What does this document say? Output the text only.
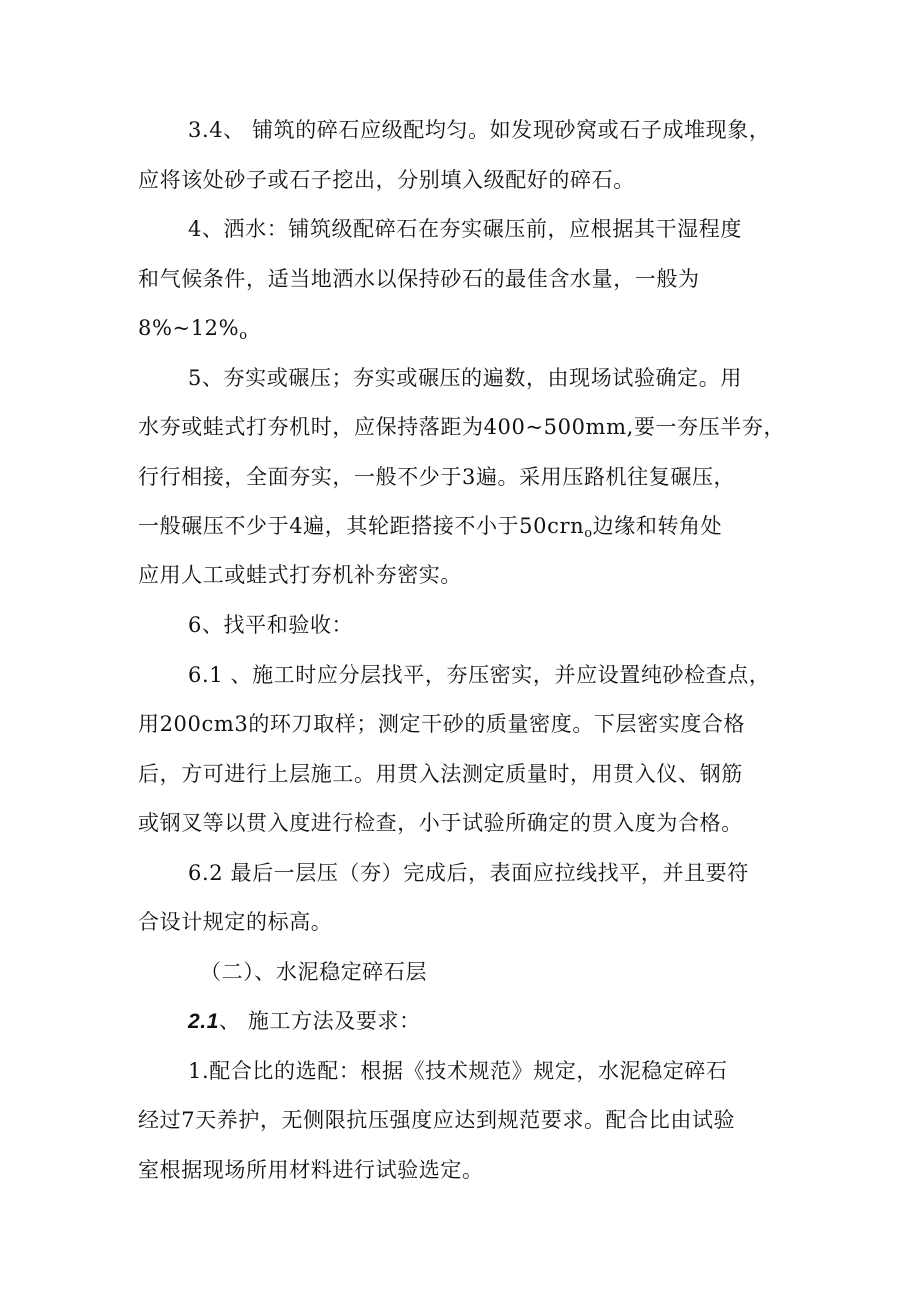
3.4、 铺筑的碎石应级配均匀。如发现砂窝或石子成堆现象，
应将该处砂子或石子挖出，分别填入级配好的碎石。
4、洒水：铺筑级配碎石在夯实碾压前，应根据其干湿程度
和气候条件，适当地洒水以保持砂石的最佳含水量，一般为
8%~12%o
5、夯实或碾压；夯实或碾压的遍数，由现场试验确定。用
水夯或蛙式打夯机时，应保持落距为400~500mm,要一夯压半夯，
行行相接，全面夯实，一般不少于3遍。采用压路机往复碾压，
一般碾压不少于4遍，其轮距搭接不小于50crno边缘和转角处
应用人工或蛙式打夯机补夯密实。
6、找平和验收：
6.1 、施工时应分层找平，夯压密实，并应设置纯砂检查点，
用200cm3的环刀取样；测定干砂的质量密度。下层密实度合格
后，方可进行上层施工。用贯入法测定质量时，用贯入仪、钢筋
或钢叉等以贯入度进行检查，小于试验所确定的贯入度为合格。
6.2 最后一层压（夯）完成后，表面应拉线找平，并且要符
合设计规定的标高。
（二）、水泥稳定碎石层
2.1、 施工方法及要求：
1.配合比的选配：根据《技术规范》规定，水泥稳定碎石
经过7天养护，无侧限抗压强度应达到规范要求。配合比由试验
室根据现场所用材料进行试验选定。
